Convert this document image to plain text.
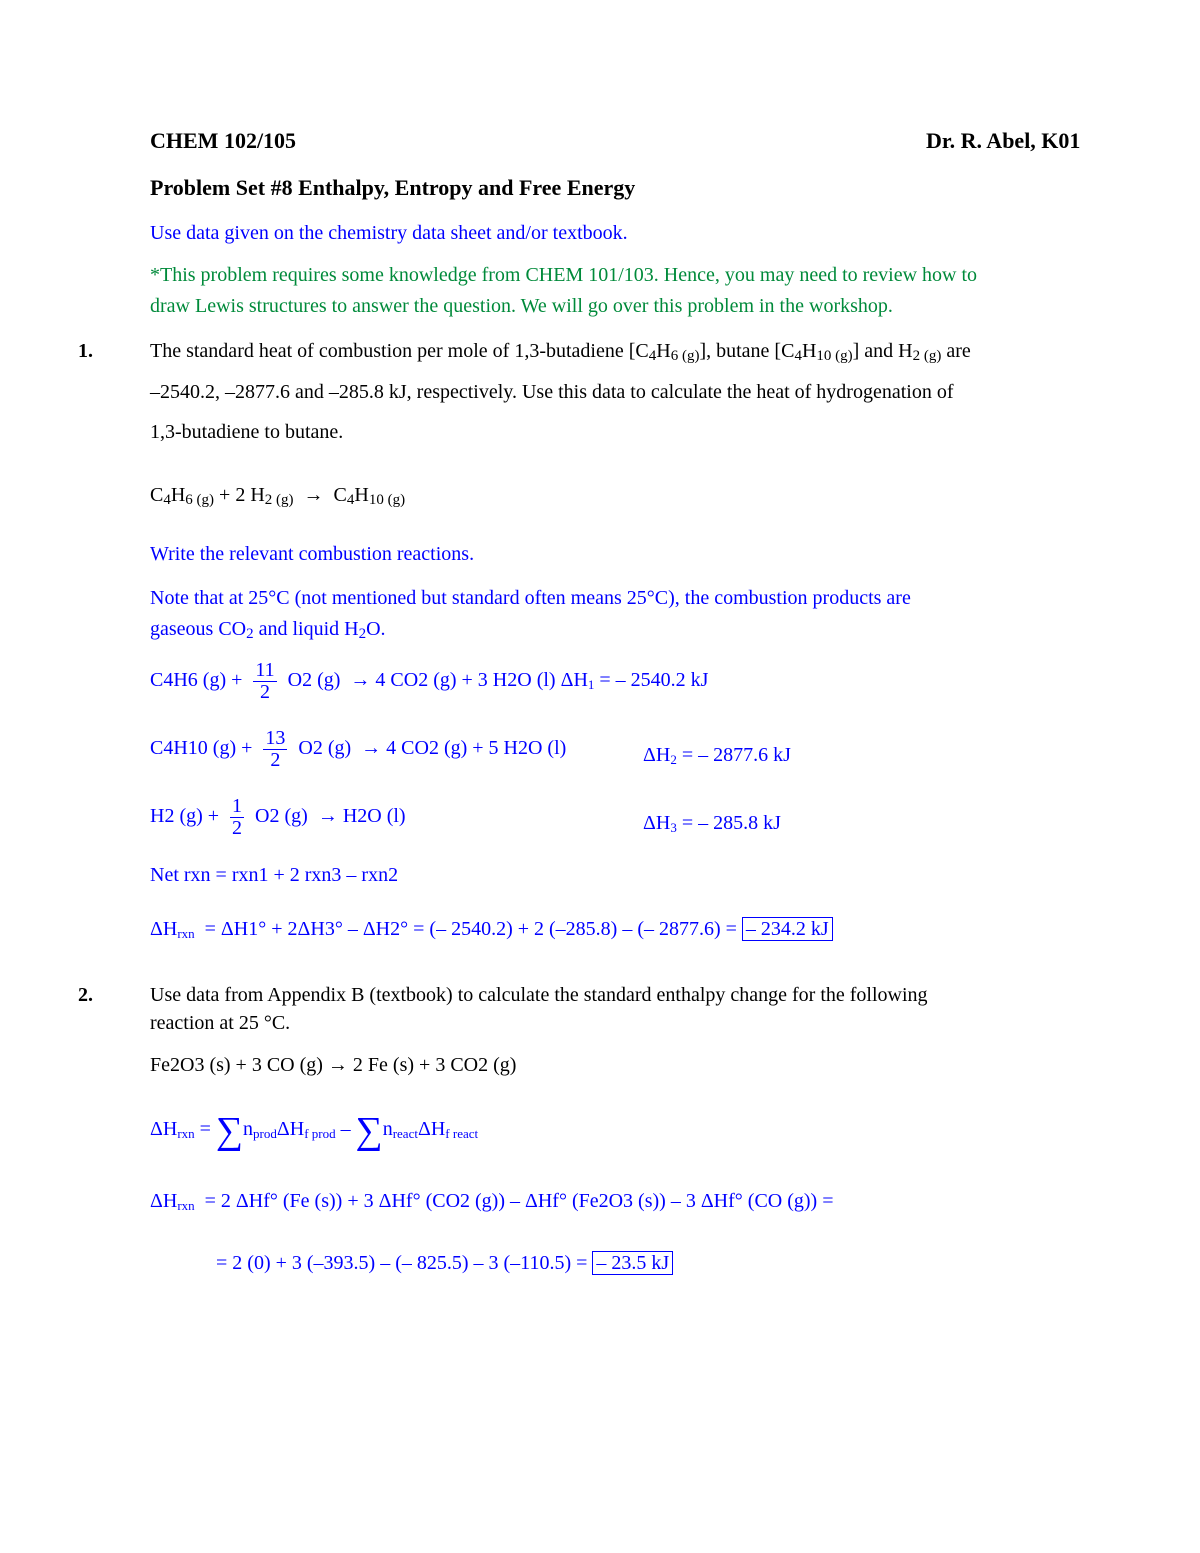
CHEM 102/105	Dr. R. Abel, K01
Problem Set #8 Enthalpy, Entropy and Free Energy
Use data given on the chemistry data sheet and/or textbook.
*This problem requires some knowledge from CHEM 101/103. Hence, you may need to review how to
draw Lewis structures to answer the question. We will go over this problem in the workshop.
1.	The standard heat of combustion per mole of 1,3-butadiene [C4H6 (g)], butane [C4H10 (g)] and H2 (g) are
–2540.2, –2877.6 and –285.8 kJ, respectively. Use this data to calculate the heat of hydrogenation of
1,3-butadiene to butane.
C4H6 (g) + 2 H2 (g) → C4H10 (g)
Write the relevant combustion reactions.
Note that at 25°C (not mentioned but standard often means 25°C), the combustion products are
gaseous CO2 and liquid H2O.
C4H6 $(g) + \frac{11}{2} O2$ (g) → 4 CO2 (g) + 3 H2O (l) ΔH1 = – 2540.2 kJ
C4H10 $(g) + \frac{13}{2} O2$ (g) → 4 CO2 (g) + 5 H2O (l)	ΔH2 = – 2877.6 kJ
H2 $(g) + \frac{1}{2} O2$ (g) → H2O (l)	ΔH3 = – 285.8 kJ
Net rxn = rxn1 + 2 rxn3 – rxn2
ΔHrxn = ΔH1° + 2ΔH3° – ΔH2° = (– 2540.2) + 2 (–285.8) – (– 2877.6) = – 234.2 kJ
2.	Use data from Appendix B (textbook) to calculate the standard enthalpy change for the following
reaction at 25 °C.
Fe2O3 (s) + 3 CO (g) → 2 Fe (s) + 3 CO2 (g)
ΔHrxn = ∑nprodΔHf prod – ∑nreactΔHf react
ΔHrxn = 2 ΔHf° (Fe (s)) + 3 ΔHf° (CO2 (g)) – ΔHf° (Fe2O3 (s)) – 3 ΔHf° (CO (g)) =
= 2 (0) + 3 (–393.5) – (– 825.5) – 3 (–110.5) = – 23.5 kJ
